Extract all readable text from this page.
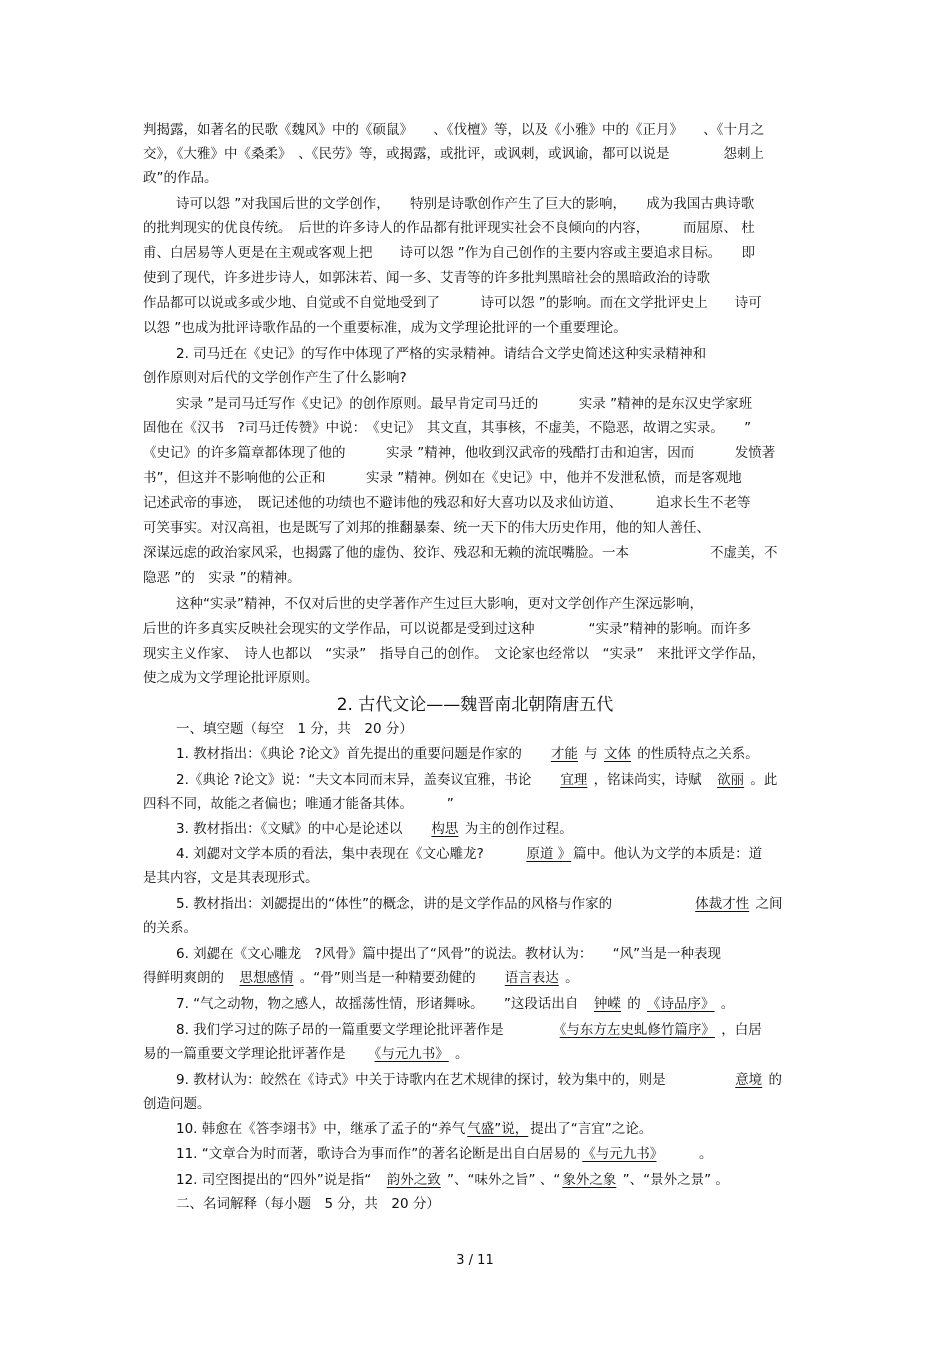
判揭露，如著名的民歌《魏风》中的《硕鼠》　　、《伐檀》等，以及《小雅》中的《正月》　　、《十月之
交》，《大雅》中《桑柔》　、《民劳》等，或揭露，或批评，或讽刺，或讽谕，都可以说是　　　　怨刺上
政”的作品。
诗可以怨 ”对我国后世的文学创作，　　特别是诗歌创作产生了巨大的影响，　　成为我国古典诗歌
的批判现实的优良传统。　后世的许多诗人的作品都有批评现实社会不良倾向的内容，　　　而屈原、 杜
甫、白居易等人更是在主观或客观上把　　诗可以怨 ”作为自己创作的主要内容或主要追求目标。　　即
使到了现代，许多进步诗人，如郭沫若、闻一多、艾青等的许多批判黑暗社会的黑暗政治的诗歌
作品都可以说或多或少地、自觉或不自觉地受到了　　　诗可以怨 ”的影响。而在文学批评史上　　诗可
以怨 ”也成为批评诗歌作品的一个重要标准，成为文学理论批评的一个重要理论。
2. 司马迁在《史记》的写作中体现了严格的实录精神。请结合文学史简述这种实录精神和
创作原则对后代的文学创作产生了什么影响?
实录 ”是司马迁写作《史记》的创作原则。最早肯定司马迁的　　　实录 ”精神的是东汉史学家班
固他在《汉书　?司马迁传赞》中说：　《史记》　其文直，其事核，不虚美，不隐恶，故谓之实录。　　”
《史记》的许多篇章都体现了他的　　　实录 ”精神，他收到汉武帝的残酷打击和迫害，因而　　　发愤著
书”，但这并不影响他的公正和　　　实录 ”精神。例如在《史记》中，他并不发泄私愤，而是客观地
记述武帝的事迹，　既记述他的功绩也不避讳他的残忍和好大喜功以及求仙访道、　　　追求长生不老等
可笑事实。对汉高祖，也是既写了刘邦的推翻暴秦、统一天下的伟大历史作用，他的知人善任、
深谋远虑的政治家风采，也揭露了他的虚伪、狡诈、残忍和无赖的流氓嘴脸。一本　　　　　　不虚美，不
隐恶 ”的　实录 ”的精神。
这种“实录”精神，不仅对后世的史学著作产生过巨大影响，更对文学创作产生深远影响，
后世的许多真实反映社会现实的文学作品，可以说都是受到过这种　　　　“实录”精神的影响。而许多
现实主义作家、　诗人也都以　“实录”　指导自己的创作。　文论家也经常以　“实录”　来批评文学作品，
使之成为文学理论批评原则。
2. 古代文论——魏晋南北朝隋唐五代
一、填空题（每空　1 分，共　20 分）
1. 教材指出：《典论 ?论文》首先提出的重要问题是作家的　　才能 与 文体 的性质特点之关系。
2.《典论 ?论文》说：“夫文本同而末异，盖奏议宜雅，书论　　宜理 ，铭诔尚实，诗赋　欲丽 。此
四科不同，故能之者偏也；唯通才能备其体。　　　”
3. 教材指出：《文赋》的中心是论述以　　构思 为主的创作过程。
4. 刘勰对文学本质的看法，集中表现在《文心雕龙?　　　原道 》 篇中。他认为文学的本质是：道
是其内容，文是其表现形式。
5. 教材指出：刘勰提出的“体性”的概念，讲的是文学作品的风格与作家的　　　　　　体裁才性 之间
的关系。
6. 刘勰在《文心雕龙　?风骨》篇中提出了“风骨”的说法。教材认为：　　“风”当是一种表现
得鲜明爽朗的　思想感情 。“骨”则当是一种精要劲健的　　语言表达 。
7. “气之动物，物之感人，故摇荡性情，形诸舞咏。　　”这段话出自　钟嵘 的 《诗品序》 。
8. 我们学习过的陈子昂的一篇重要文学理论批评著作是　　　　《与东方左史虬修竹篇序》 ，白居
易的一篇重要文学理论批评著作是　　《与元九书》 。
9. 教材认为：皎然在《诗式》中关于诗歌内在艺术规律的探讨，较为集中的，则是　　　　　意境 的
创造问题。
10. 韩愈在《答李翊书》中，继承了孟子的“养气 气盛”说， 提出了“言宜”之论。
11. “文章合为时而著，歌诗合为事而作”的著名论断是出自白居易的 《与元九书》　　　。
12. 司空图提出的“四外”说是指“　韵外之致 ”、“味外之旨” 、“ 象外之象 ”、“景外之景” 。
二、名词解释（每小题　5 分，共　20 分）
3 / 11
